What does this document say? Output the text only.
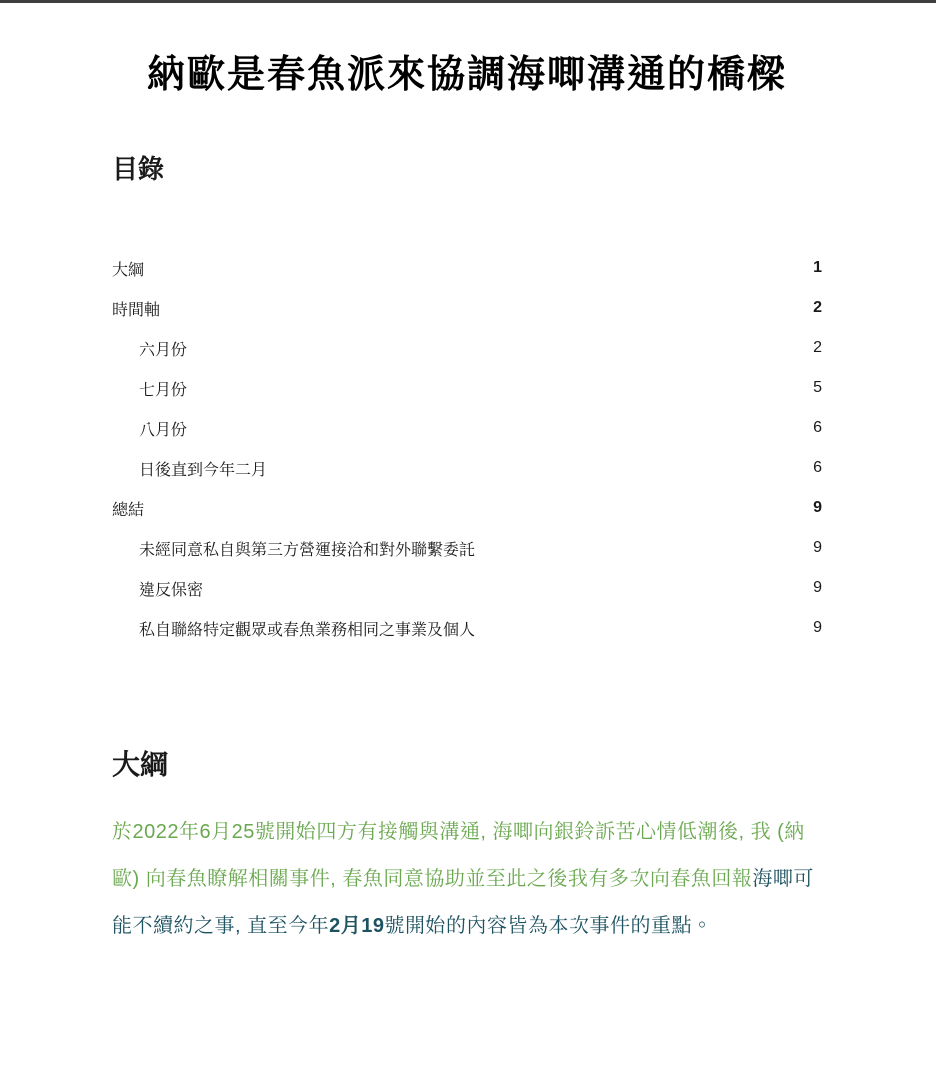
納歐是春魚派來協調海唧溝通的橋樑
目錄
大綱	1
時間軸	2
六月份	2
七月份	5
八月份	6
日後直到今年二月	6
總結	9
未經同意私自與第三方營運接洽和對外聯繫委託	9
違反保密	9
私自聯絡特定觀眾或春魚業務相同之事業及個人	9
大綱

於2022年6月25號開始四方有接觸與溝通, 海唧向銀鈴訴苦心情低潮後, 我 (納歐) 向春魚瞭解相關事件, 春魚同意協助並至此之後我有多次向春魚回報海唧可能不續約之事, 直至今年2月19號開始的內容皆為本次事件的重點。
